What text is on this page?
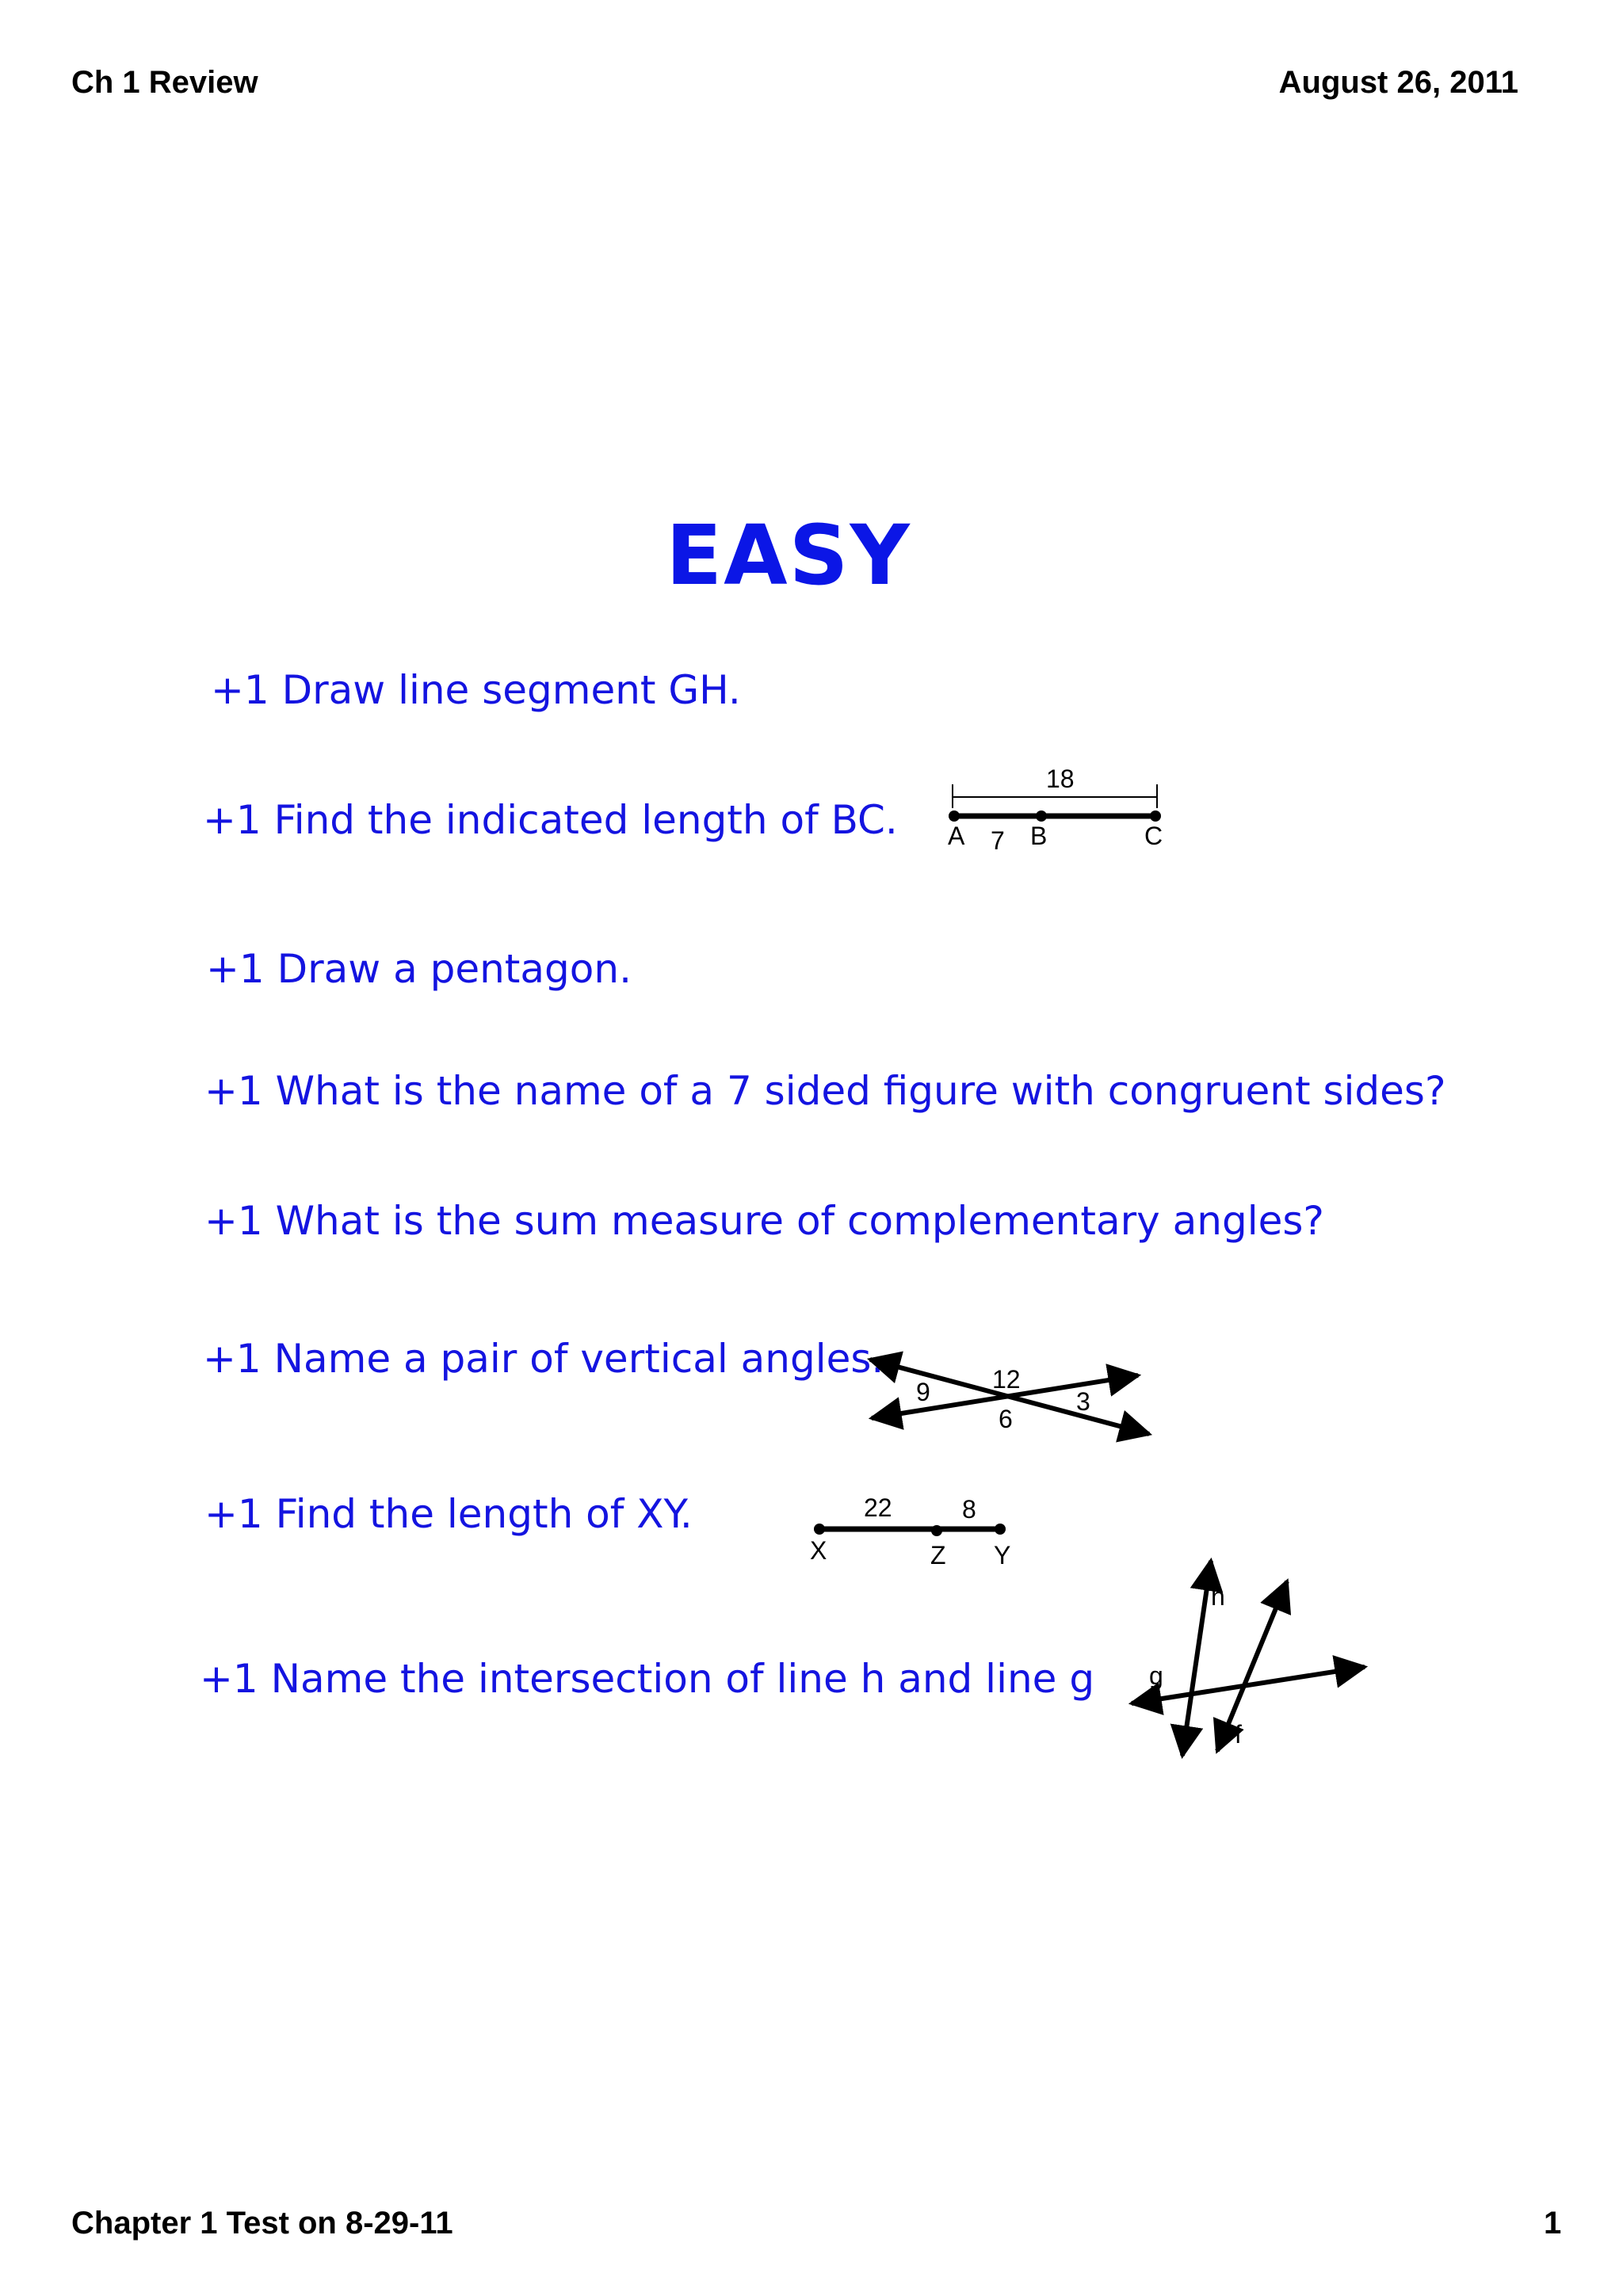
Ch 1 Review	August 26, 2011
EASY
+1 Draw line segment GH.
+1 Find the indicated length of BC.
+1 Draw a pentagon.
+1 What is the name of a 7 sided figure with congruent sides?
+1 What is the sum measure of complementary angles?
+1 Name a pair of vertical angles.
+1 Find the length of XY.
+1 Name the intersection of line h and line g
18
A 7 B	C
9 12
3
6
22	8
X	Z Y
h
g
f
Chapter 1 Test on 8-29-11	1
